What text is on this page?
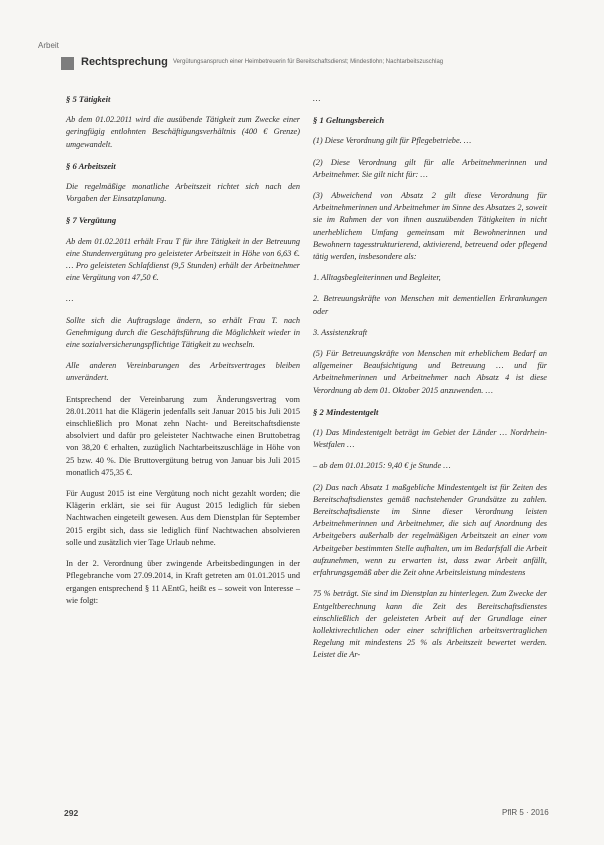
Arbeit
Rechtsprechung Vergütungsanspruch einer Heimbetreuerin für Bereitschaftsdienst; Mindestlohn; Nachtarbeitszuschlag
§ 5 Tätigkeit

Ab dem 01.02.2011 wird die ausübende Tätigkeit zum Zwecke einer geringfügig entlohnten Beschäftigungsverhältnis (400 € Grenze) umgewandelt.

§ 6 Arbeitszeit

Die regelmäßige monatliche Arbeitszeit richtet sich nach den Vorgaben der Einsatzplanung.

§ 7 Vergütung

Ab dem 01.02.2011 erhält Frau T für ihre Tätigkeit in der Betreuung eine Stundenvergütung pro geleisteter Arbeitszeit in Höhe von 6,63 €. … Pro geleisteten Schlafdienst (9,5 Stunden) erhält der Arbeitnehmer eine Vergütung von 47,50 €.

…

Sollte sich die Auftragslage ändern, so erhält Frau T. nach Genehmigung durch die Geschäftsführung die Möglichkeit wieder in eine sozialversicherungspflichtige Tätigkeit zu wechseln.

Alle anderen Vereinbarungen des Arbeitsvertrages bleiben unverändert.

Entsprechend der Vereinbarung zum Änderungsvertrag vom 28.01.2011 hat die Klägerin jedenfalls seit Januar 2015 bis Juli 2015 einschließlich pro Monat zehn Nacht- und Bereitschaftsdienste absolviert und dafür pro geleisteter Nachtwache einen Bruttobetrag von 38,20 € erhalten, zuzüglich Nachtarbeitszuschläge in Höhe von 25 bzw. 40 %. Die Bruttovergütung betrug von Januar bis Juli 2015 monatlich 475,35 €.

Für August 2015 ist eine Vergütung noch nicht gezahlt worden; die Klägerin erklärt, sie sei für August 2015 lediglich für sieben Nachtwachen eingeteilt gewesen. Aus dem Dienstplan für September 2015 ergibt sich, dass sie lediglich fünf Nachtwachen absolvieren solle und zusätzlich vier Tage Urlaub nehme.

In der 2. Verordnung über zwingende Arbeitsbedingungen in der Pflegebranche vom 27.09.2014, in Kraft getreten am 01.01.2015 und ergangen entsprechend § 11 AEntG, heißt es – soweit von Interesse – wie folgt:

…

§ 1 Geltungsbereich

(1) Diese Verordnung gilt für Pflegebetriebe. …

(2) Diese Verordnung gilt für alle Arbeitnehmerinnen und Arbeitnehmer. Sie gilt nicht für: …

(3) Abweichend von Absatz 2 gilt diese Verordnung für Arbeitnehmerinnen und Arbeitnehmer im Sinne des Absatzes 2, soweit sie im Rahmen der von ihnen auszuübenden Tätigkeiten in nicht unerheblichem Umfang gemeinsam mit Bewohnerinnen und Bewohnern tagesstrukturierend, aktivierend, betreuend oder pflegend tätig werden, insbesondere als:

1. Alltagsbegleiterinnen und Begleiter,

2. Betreuungskräfte von Menschen mit dementiellen Erkrankungen oder

3. Assistenzkraft

(5) Für Betreuungskräfte von Menschen mit erheblichem Bedarf an allgemeiner Beaufsichtigung und Betreuung … und für Arbeitnehmerinnen und Arbeitnehmer nach Absatz 4 ist diese Verordnung ab dem 01. Oktober 2015 anzuwenden. …

§ 2 Mindestentgelt

(1) Das Mindestentgelt beträgt im Gebiet der Länder … Nordrhein-Westfalen …

– ab dem 01.01.2015: 9,40 € je Stunde …

(2) Das nach Absatz 1 maßgebliche Mindestentgelt ist für Zeiten des Bereitschaftsdienstes gemäß nachstehender Grundsätze zu zahlen. Bereitschaftsdienste im Sinne dieser Verordnung leisten Arbeitnehmerinnen und Arbeitnehmer, die sich auf Anordnung des Arbeitgebers außerhalb der regelmäßigen Arbeitszeit an einer vom Arbeitgeber bestimmten Stelle aufhalten, um im Bedarfsfall die Arbeit aufzunehmen, wenn zu erwarten ist, dass zwar Arbeit anfällt, erfahrungsgemäß aber die Zeit ohne Arbeitsleistung mindestens

75 % beträgt. Sie sind im Dienstplan zu hinterlegen. Zum Zwecke der Entgeltberechnung kann die Zeit des Bereitschaftsdienstes einschließlich der geleisteten Arbeit auf der Grundlage einer kollektivrechtlichen oder einer schriftlichen arbeitsvertraglichen Regelung mit mindestens 25 % als Arbeitszeit bewertet werden. Leistet die Ar-

292	PflR 5 · 2016
